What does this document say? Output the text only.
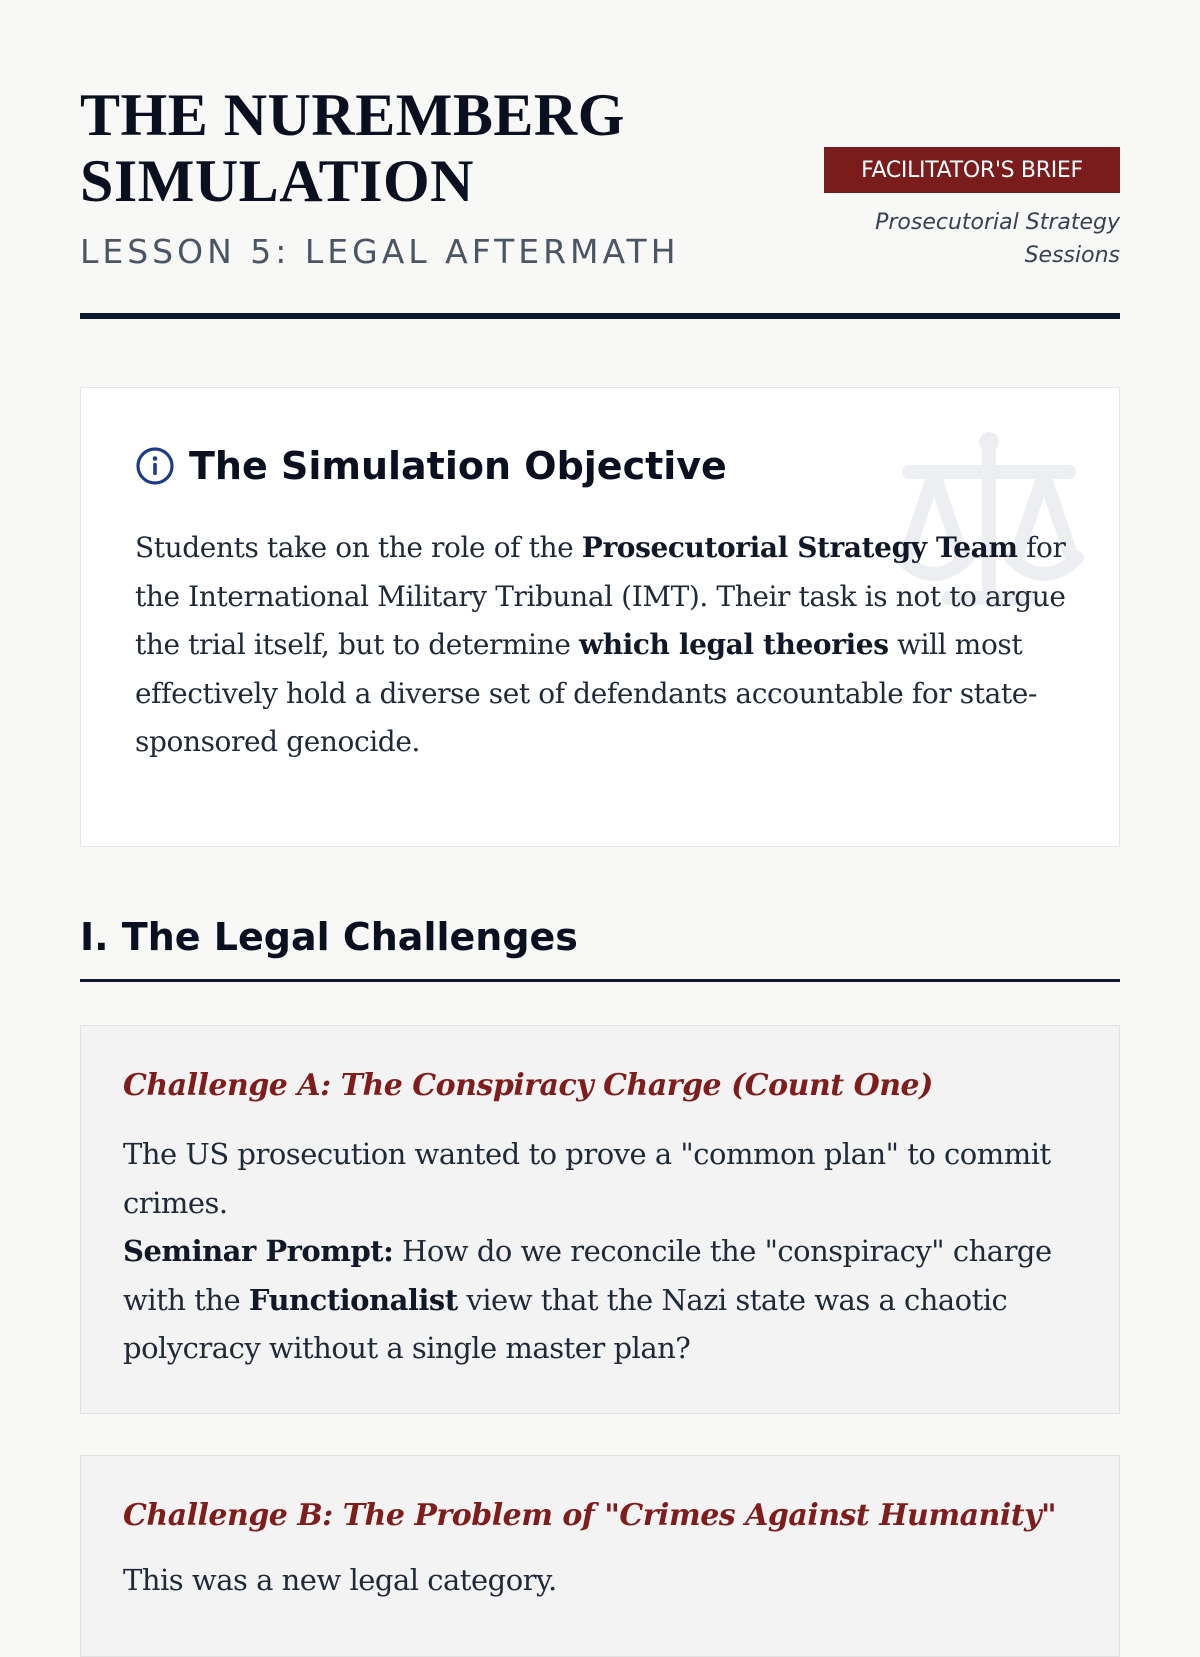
THE NUREMBERG
SIMULATION
LESSON 5: LEGAL AFTERMATH
FACILITATOR'S BRIEF
Prosecutorial Strategy Sessions
The Simulation Objective

Students take on the role of the Prosecutorial Strategy Team for the International Military Tribunal (IMT). Their task is not to argue the trial itself, but to determine which legal theories will most effectively hold a diverse set of defendants accountable for state-sponsored genocide.

I. The Legal Challenges
Challenge A: The Conspiracy Charge (Count One)
The US prosecution wanted to prove a "common plan" to commit crimes.
Seminar Prompt: How do we reconcile the "conspiracy" charge with the Functionalist view that the Nazi state was a chaotic polycracy without a single master plan?
Challenge B: The Problem of "Crimes Against Humanity"
This was a new legal category.
